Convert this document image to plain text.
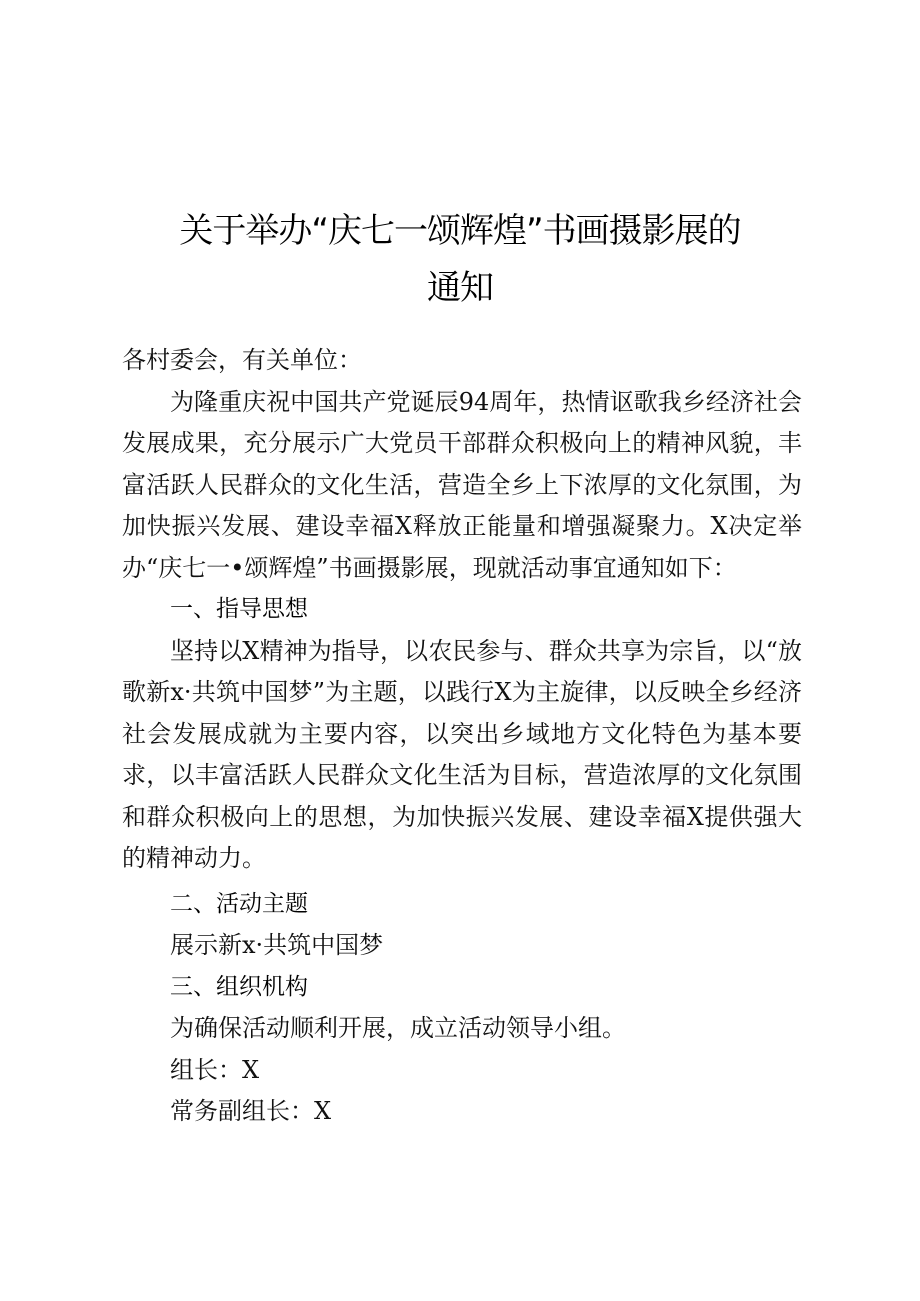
关于举办“庆七一颂辉煌”书画摄影展的
通知

各村委会，有关单位：

为隆重庆祝中国共产党诞辰94周年，热情讴歌我乡经济社会发展成果，充分展示广大党员干部群众积极向上的精神风貌，丰富活跃人民群众的文化生活，营造全乡上下浓厚的文化氛围，为加快振兴发展、建设幸福X释放正能量和增强凝聚力。X决定举办“庆七一•颂辉煌”书画摄影展，现就活动事宜通知如下：

一、指导思想

坚持以X精神为指导，以农民参与、群众共享为宗旨，以“放歌新x·共筑中国梦”为主题，以践行X为主旋律，以反映全乡经济社会发展成就为主要内容，以突出乡域地方文化特色为基本要求，以丰富活跃人民群众文化生活为目标，营造浓厚的文化氛围和群众积极向上的思想，为加快振兴发展、建设幸福X提供强大的精神动力。

二、活动主题

展示新x·共筑中国梦

三、组织机构

为确保活动顺利开展，成立活动领导小组。

组长：X

常务副组长：X
